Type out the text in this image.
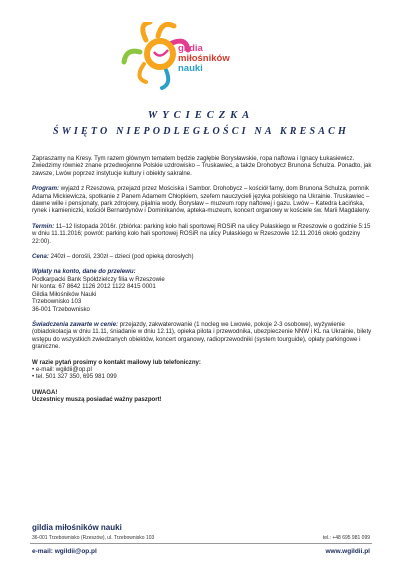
gildia
miłośników
nauki
WYCIECZKA
ŚWIĘTO NIEPODLEGŁOŚCI NA KRESACH

Zapraszamy na Kresy. Tym razem głównym tematem będzie zagłębie Borysławskie, ropa naftowa i Ignacy Łukasiewicz. Zwiedzimy również znane przedwojenne Polskie uzdrowisko – Truskawiec, a także Drohobycz Brunona Schulza. Ponadto, jak zawsze, Lwów poprzez instytucje kultury i obiekty sakralne.

Program: wyjazd z Rzeszowa, przejazd przez Mościska i Sambor. Drohobycz – kościół farny, dom Brunona Schulza, pomnik Adama Mickiewicza, spotkanie z Panem Adamem Chłopkiem, szefem nauczycieli języka polskiego na Ukrainie. Truskawiec – dawne wille i pensjonaty, park zdrojowy, pijalnia wody. Borysław – muzeum ropy naftowej i gazu. Lwów – Katedra Łacińska, rynek i kamieniczki, kościół Bernardynów i Dominikanów, apteka-muzeum, koncert organowy w kościele św. Marii Magdaleny.

Termin: 11–12 listopada 2016r. (zbiórka: parking koło hali sportowej ROSiR na ulicy Pułaskiego w Rzeszowie o godzinie 5:15 w dniu 11.11.2016; powrót: parking koło hali sportowej ROSiR na ulicy Pułaskiego w Rzeszowie 12.11.2016 około godziny 22:00).

Cena: 240zł – dorośli, 230zł – dzieci (pod opieką dorosłych)

Wpłaty na konto, dane do przelewu:
Podkarpacki Bank Spółdzielczy filia w Rzeszowie
Nr konta: 67 8642 1126 2012 1122 8415 0001
Gildia Miłośników Nauki
Trzebownisko 103
36-001 Trzebownisko

Świadczenia zawarte w cenie: przejazdy, zakwaterowanie (1 nocleg we Lwowie, pokoje 2-3 osobowe), wyżywienie (obiadokolacja w dniu 11.11, śniadanie w dniu 12.11), opieka pilota i przewodnika, ubezpieczenie NNW i KL na Ukrainie, bilety wstępu do wszystkich zwiedzanych obiektów, koncert organowy, radioprzewodniki (system tourguide), opłaty parkingowe i graniczne.

W razie pytań prosimy o kontakt mailowy lub telefoniczny:
• e-mail: wgildii@op.pl
• tel. 501 327 350, 695 981 099

UWAGA!
Uczestnicy muszą posiadać ważny paszport!

gildia miłośników nauki
36-001 Trzebownisko (Rzeszów), ul. Trzebownisko 103	tel.: +48 695 981 099
e-mail: wgildii@op.pl	www.wgildii.pl
